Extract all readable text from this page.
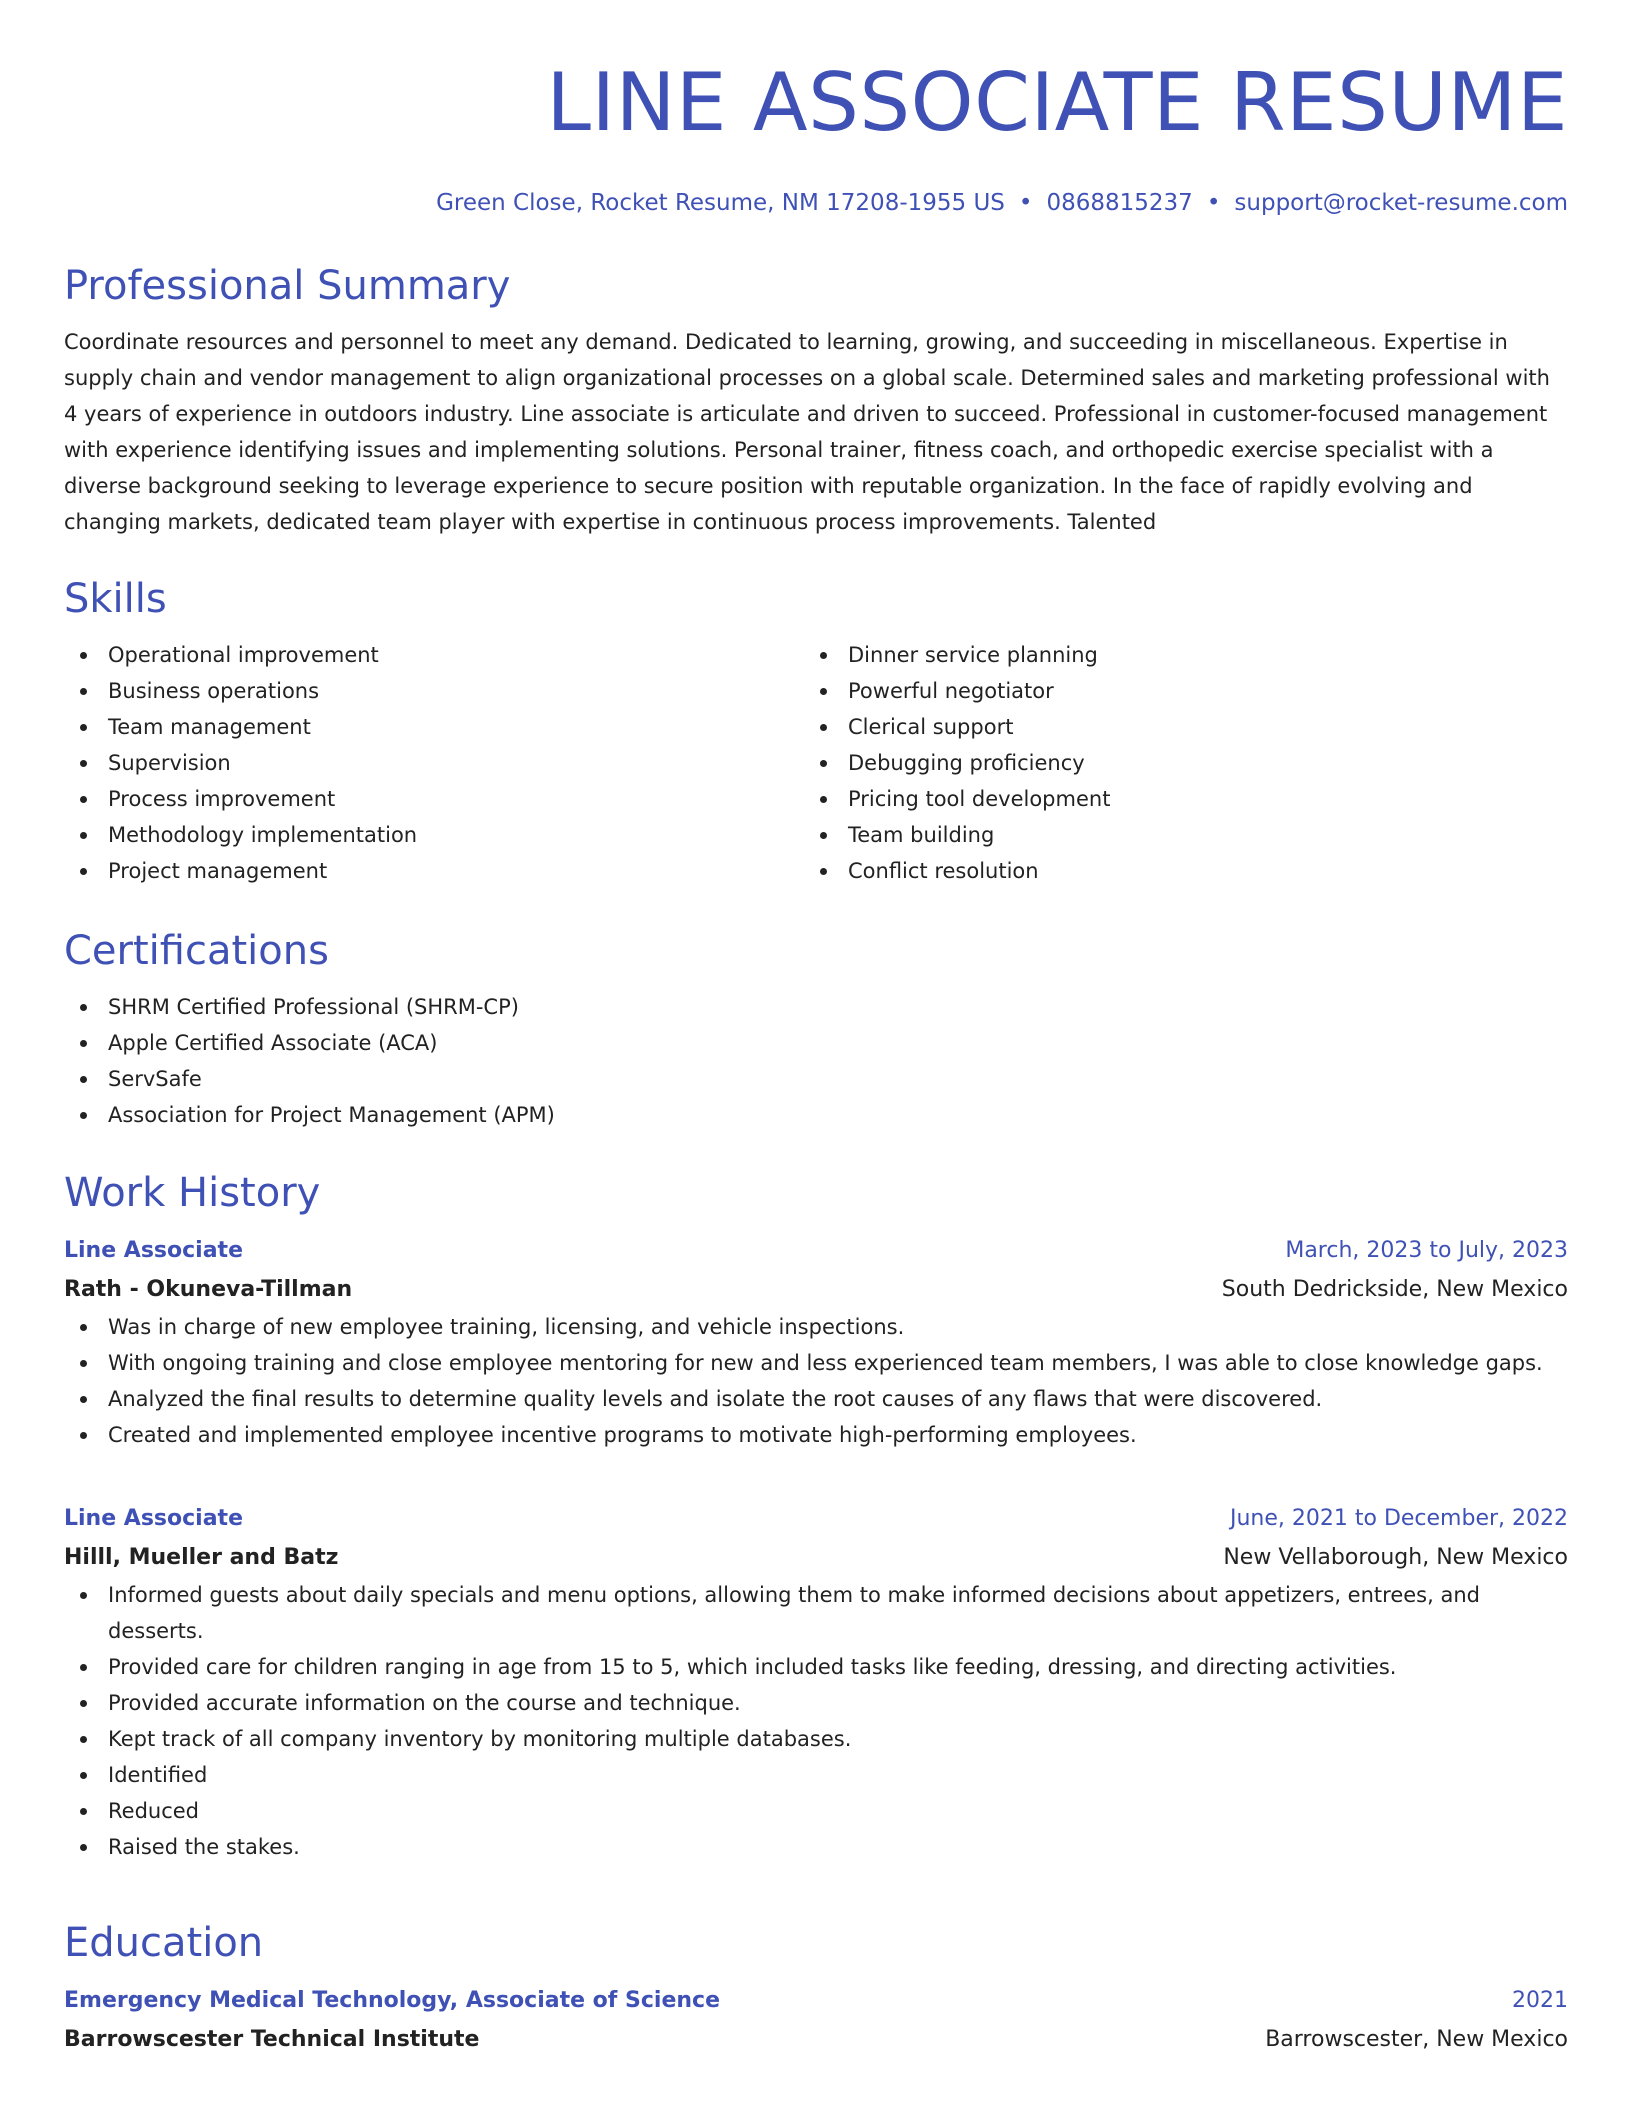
LINE ASSOCIATE RESUME
Green Close, Rocket Resume, NM 17208-1955 US • 0868815237 • support@rocket-resume.com
Professional Summary

Coordinate resources and personnel to meet any demand. Dedicated to learning, growing, and succeeding in miscellaneous. Expertise in supply chain and vendor management to align organizational processes on a global scale. Determined sales and marketing professional with 4 years of experience in outdoors industry. Line associate is articulate and driven to succeed. Professional in customer-focused management with experience identifying issues and implementing solutions. Personal trainer, fitness coach, and orthopedic exercise specialist with a diverse background seeking to leverage experience to secure position with reputable organization. In the face of rapidly evolving and changing markets, dedicated team player with expertise in continuous process improvements. Talented

Skills
Operational improvement
Business operations
Team management
Supervision
Process improvement
Methodology implementation
Project management
Dinner service planning
Powerful negotiator
Clerical support
Debugging proficiency
Pricing tool development
Team building
Conflict resolution
Certifications
SHRM Certified Professional (SHRM-CP)
Apple Certified Associate (ACA)
ServSafe
Association for Project Management (APM)
Work History
Line Associate	March, 2023 to July, 2023
Rath - Okuneva-Tillman	South Dedrickside, New Mexico
Was in charge of new employee training, licensing, and vehicle inspections.
With ongoing training and close employee mentoring for new and less experienced team members, I was able to close knowledge gaps.
Analyzed the final results to determine quality levels and isolate the root causes of any flaws that were discovered.
Created and implemented employee incentive programs to motivate high-performing employees.
Line Associate	June, 2021 to December, 2022
Hilll, Mueller and Batz	New Vellaborough, New Mexico
Informed guests about daily specials and menu options, allowing them to make informed decisions about appetizers, entrees, and desserts.
Provided care for children ranging in age from 15 to 5, which included tasks like feeding, dressing, and directing activities.
Provided accurate information on the course and technique.
Kept track of all company inventory by monitoring multiple databases.
Identified
Reduced
Raised the stakes.
Education
Emergency Medical Technology, Associate of Science	2021
Barrowscester Technical Institute	Barrowscester, New Mexico
